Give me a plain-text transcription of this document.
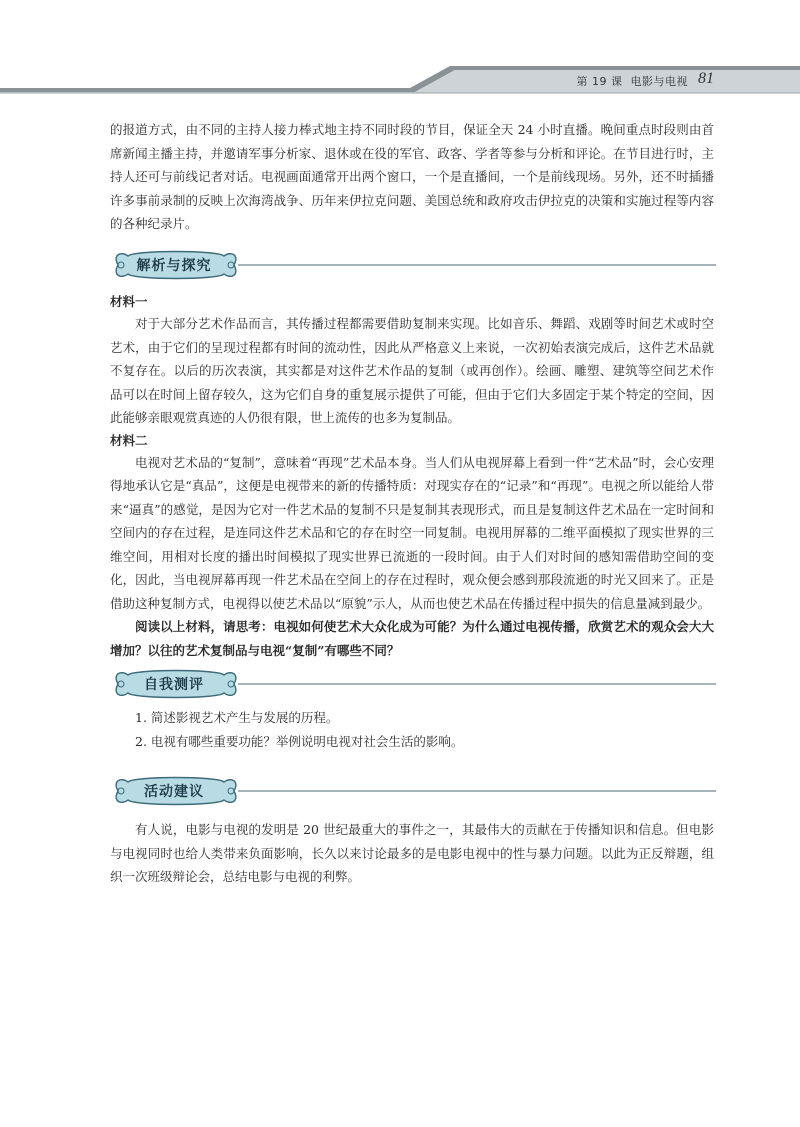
第 19 课 电影与电视 81

的报道方式，由不同的主持人接力棒式地主持不同时段的节目，保证全天 24 小时直播。晚间重点时段则由首席新闻主播主持，并邀请军事分析家、退休或在役的军官、政客、学者等参与分析和评论。在节目进行时，主持人还可与前线记者对话。电视画面通常开出两个窗口，一个是直播间，一个是前线现场。另外，还不时插播许多事前录制的反映上次海湾战争、历年来伊拉克问题、美国总统和政府攻击伊拉克的决策和实施过程等内容的各种纪录片。

解析与探究
材料一

对于大部分艺术作品而言，其传播过程都需要借助复制来实现。比如音乐、舞蹈、戏剧等时间艺术或时空艺术，由于它们的呈现过程都有时间的流动性，因此从严格意义上来说，一次初始表演完成后，这件艺术品就不复存在。以后的历次表演，其实都是对这件艺术作品的复制（或再创作）。绘画、雕塑、建筑等空间艺术作品可以在时间上留存较久，这为它们自身的重复展示提供了可能，但由于它们大多固定于某个特定的空间，因此能够亲眼观赏真迹的人仍很有限，世上流传的也多为复制品。

材料二

电视对艺术品的“复制”，意味着“再现”艺术品本身。当人们从电视屏幕上看到一件“艺术品”时，会心安理得地承认它是“真品”，这便是电视带来的新的传播特质：对现实存在的“记录”和“再现”。电视之所以能给人带来“逼真”的感觉，是因为它对一件艺术品的复制不只是复制其表现形式，而且是复制这件艺术品在一定时间和空间内的存在过程，是连同这件艺术品和它的存在时空一同复制。电视用屏幕的二维平面模拟了现实世界的三维空间，用相对长度的播出时间模拟了现实世界已流逝的一段时间。由于人们对时间的感知需借助空间的变化，因此，当电视屏幕再现一件艺术品在空间上的存在过程时，观众便会感到那段流逝的时光又回来了。正是借助这种复制方式，电视得以使艺术品以“原貌”示人，从而也使艺术品在传播过程中损失的信息量减到最少。

阅读以上材料，请思考：电视如何使艺术大众化成为可能？为什么通过电视传播，欣赏艺术的观众会大大增加？以往的艺术复制品与电视“复制”有哪些不同？

自我测评
1. 简述影视艺术产生与发展的历程。
2. 电视有哪些重要功能？举例说明电视对社会生活的影响。
活动建议

有人说，电影与电视的发明是 20 世纪最重大的事件之一，其最伟大的贡献在于传播知识和信息。但电影与电视同时也给人类带来负面影响，长久以来讨论最多的是电影电视中的性与暴力问题。以此为正反辩题，组织一次班级辩论会，总结电影与电视的利弊。
